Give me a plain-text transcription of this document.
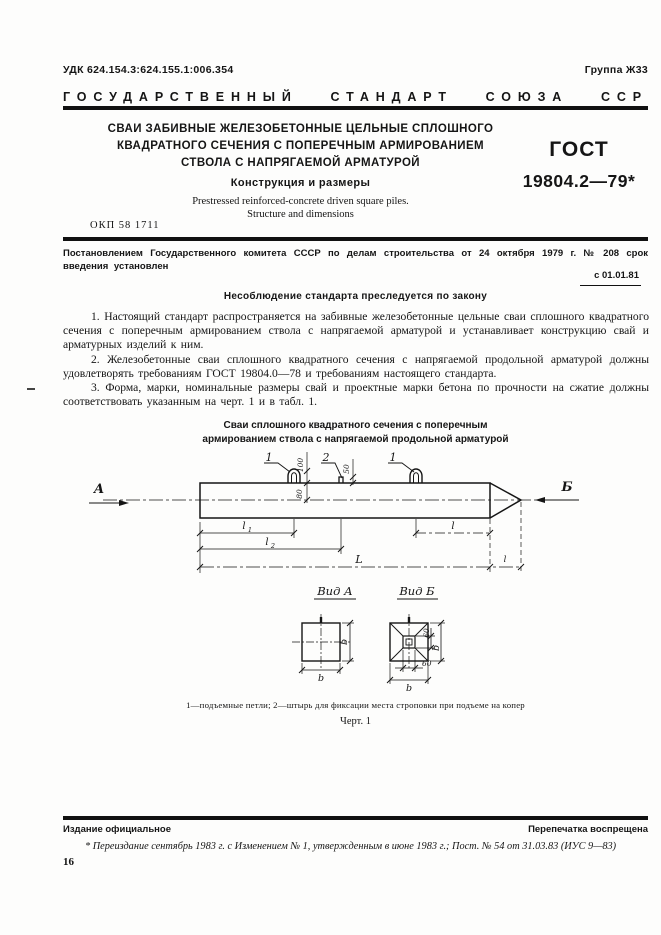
УДК 624.154.3:624.155.1:006.354	Группа Ж33
ГОСУДАРСТВЕННЫЙ	СТАНДАРТ	СОЮЗА	ССР
СВАИ ЗАБИВНЫЕ ЖЕЛЕЗОБЕТОННЫЕ ЦЕЛЬНЫЕ СПЛОШНОГО
КВАДРАТНОГО СЕЧЕНИЯ С ПОПЕРЕЧНЫМ АРМИРОВАНИЕМ
СТВОЛА С НАПРЯГАЕМОЙ АРМАТУРОЙ
Конструкция и размеры
Prestressed reinforced-concrete driven square piles.
Structure and dimensions
ГОСТ
19804.2—79*
ОКП 58 1711
Постановлением Государственного комитета СССР по делам строительства от 24 октября 1979 г. № 208 срок введения установлен
с 01.01.81
Несоблюдение стандарта преследуется по закону

1. Настоящий стандарт распространяется на забивные железобетонные цельные сваи сплошного квадратного сечения с поперечным армированием ствола с напрягаемой арматурой и устанавливает конструкцию свай и арматурных изделий к ним.

2. Железобетонные сваи сплошного квадратного сечения с напрягаемой продольной арматурой должны удовлетворять требованиям ГОСТ 19804.0—78 и требованиям настоящего стандарта.

3. Форма, марки, номинальные размеры свай и проектные марки бетона по прочности на сжатие должны соответствовать указанным на черт. 1 и в табл. 1.

Сваи сплошного квадратного сечения с поперечным
армированием ствола с напрягаемой продольной арматурой
1	2	1
100	50
80
А	Б
l 1
l 2
l
L	l
Вид А	Вид Б
b
b
60
b
60
b
1—подъемные петли; 2—штырь для фиксации места строповки при подъеме на копер
Черт. 1
Издание официальное	Перепечатка воспрещена
* Переиздание сентябрь 1983 г. с Изменением № 1, утвержденным в июне 1983 г.; Пост. № 54 от 31.03.83 (ИУС 9—83)
16
